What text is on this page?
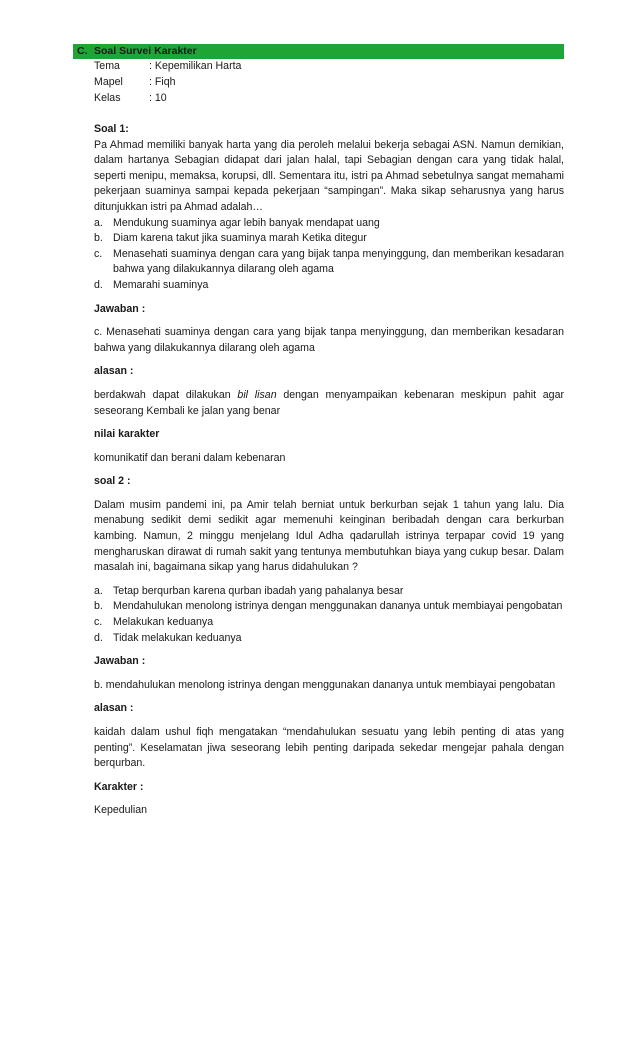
C. Soal Survei Karakter
Tema	: Kepemilikan Harta
Mapel	: Fiqh
Kelas	: 10

Soal 1:

Pa Ahmad memiliki banyak harta yang dia peroleh melalui bekerja sebagai ASN. Namun demikian, dalam hartanya Sebagian didapat dari jalan halal, tapi Sebagian dengan cara yang tidak halal, seperti menipu, memaksa, korupsi, dll. Sementara itu, istri pa Ahmad sebetulnya sangat memahami pekerjaan suaminya sampai kepada pekerjaan “sampingan”. Maka sikap seharusnya yang harus ditunjukkan istri pa Ahmad adalah…

a. Mendukung suaminya agar lebih banyak mendapat uang
b. Diam karena takut jika suaminya marah Ketika ditegur
c. Menasehati suaminya dengan cara yang bijak tanpa menyinggung, dan memberikan kesadaran bahwa yang dilakukannya dilarang oleh agama
d. Memarahi suaminya

Jawaban :

c. Menasehati suaminya dengan cara yang bijak tanpa menyinggung, dan memberikan kesadaran bahwa yang dilakukannya dilarang oleh agama

alasan :

berdakwah dapat dilakukan bil lisan dengan menyampaikan kebenaran meskipun pahit agar seseorang Kembali ke jalan yang benar

nilai karakter

komunikatif dan berani dalam kebenaran

soal 2 :

Dalam musim pandemi ini, pa Amir telah berniat untuk berkurban sejak 1 tahun yang lalu. Dia menabung sedikit demi sedikit agar memenuhi keinginan beribadah dengan cara berkurban kambing. Namun, 2 minggu menjelang Idul Adha qadarullah istrinya terpapar covid 19 yang mengharuskan dirawat di rumah sakit yang tentunya membutuhkan biaya yang cukup besar. Dalam masalah ini, bagaimana sikap yang harus didahulukan ?

a. Tetap berqurban karena qurban ibadah yang pahalanya besar
b. Mendahulukan menolong istrinya dengan menggunakan dananya untuk membiayai pengobatan
c. Melakukan keduanya
d. Tidak melakukan keduanya

Jawaban :

b. mendahulukan menolong istrinya dengan menggunakan dananya untuk membiayai pengobatan

alasan :

kaidah dalam ushul fiqh mengatakan “mendahulukan sesuatu yang lebih penting di atas yang penting”. Keselamatan jiwa seseorang lebih penting daripada sekedar mengejar pahala dengan berqurban.

Karakter :

Kepedulian
